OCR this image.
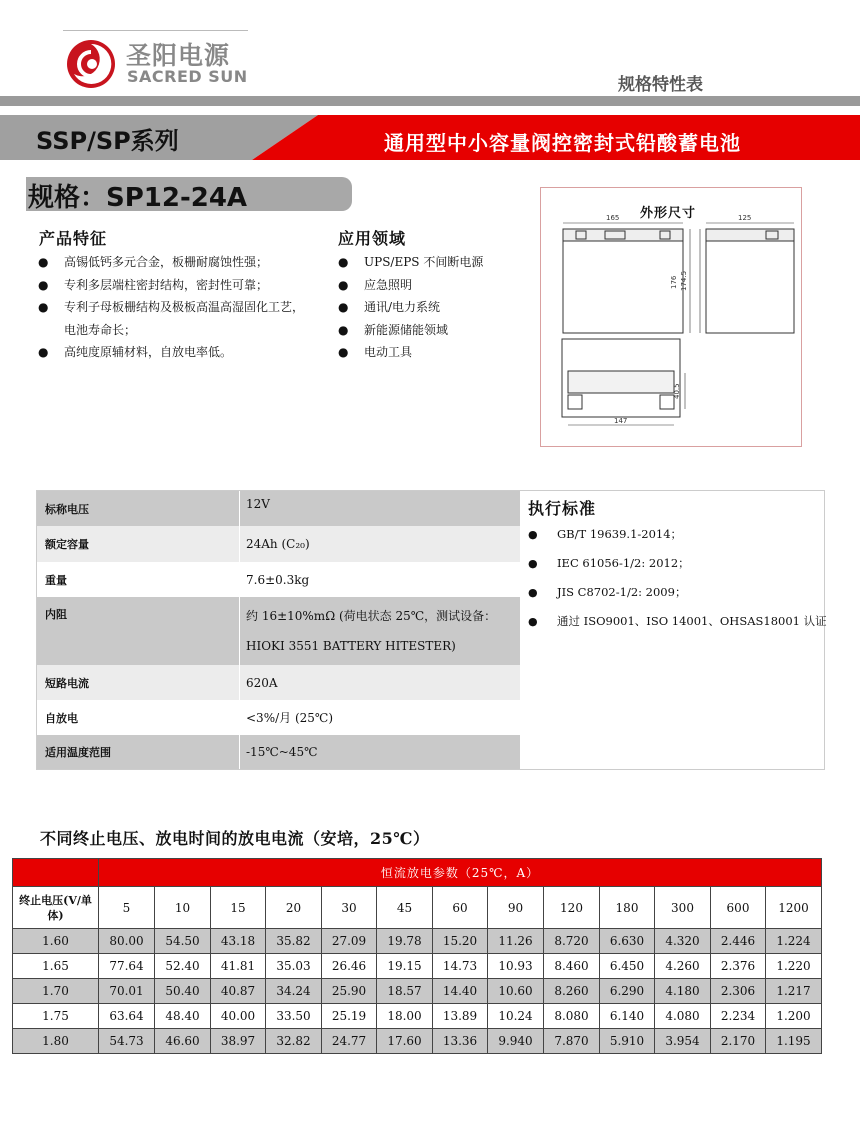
圣阳电源
SACRED SUN	规格特性表
SSP/SP系列	通用型中小容量阀控密封式铅酸蓄电池
规格：SP12-24A
产品特征
● 高锡低钙多元合金，板栅耐腐蚀性强；
● 专利多层端柱密封结构，密封性可靠；
● 专利子母板栅结构及极板高温高湿固化工艺，电池寿命长；
● 高纯度原辅材料，自放电率低。
应用领域
● UPS/EPS 不间断电源
● 应急照明
● 通讯/电力系统
● 新能源储能领域
● 电动工具
外形尺寸
165	125
176 174.5
40.5
147
标称电压	12V
额定容量	24Ah (C₂₀)
重量	7.6±0.3kg
内阻	约 16±10%mΩ (荷电状态 25℃，测试设备：HIOKI 3551 BATTERY HITESTER)
短路电流	620A
自放电	<3%/月 (25℃)
适用温度范围	-15℃~45℃
执行标准
● GB/T 19639.1-2014；
● IEC 61056-1/2: 2012；
● JIS C8702-1/2: 2009；
● 通过 ISO9001、ISO 14001、OHSAS18001 认证
不同终止电压、放电时间的放电电流（安培，25℃）
	恒流放电参数（25℃，A）												
终止电压(V/单体)	5	10	15	20	30	45	60	90	120	180	300	600	1200
1.60	80.00	54.50	43.18	35.82	27.09	19.78	15.20	11.26	8.720	6.630	4.320	2.446	1.224
1.65	77.64	52.40	41.81	35.03	26.46	19.15	14.73	10.93	8.460	6.450	4.260	2.376	1.220
1.70	70.01	50.40	40.87	34.24	25.90	18.57	14.40	10.60	8.260	6.290	4.180	2.306	1.217
1.75	63.64	48.40	40.00	33.50	25.19	18.00	13.89	10.24	8.080	6.140	4.080	2.234	1.200
1.80	54.73	46.60	38.97	32.82	24.77	17.60	13.36	9.940	7.870	5.910	3.954	2.170	1.195
